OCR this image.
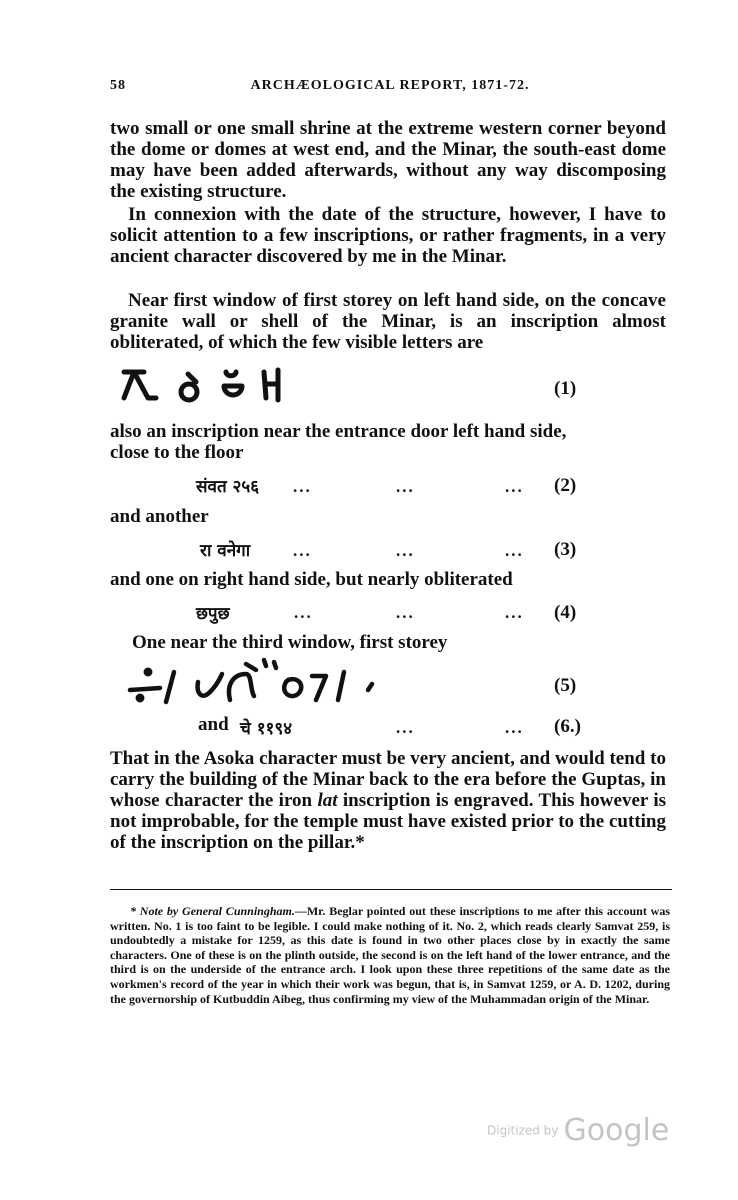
58	ARCHÆOLOGICAL REPORT, 1871-72.

two small or one small shrine at the extreme western corner beyond the dome or domes at west end, and the Minar, the south-east dome may have been added afterwards, without any way discomposing the existing structure.

In connexion with the date of the structure, however, I have to solicit attention to a few inscriptions, or rather fragments, in a very ancient character discovered by me in the Minar.

Near first window of first storey on left hand side, on the concave granite wall or shell of the Minar, is an inscription almost obliterated, of which the few visible letters are

(1)
also an inscription near the entrance door left hand side,
close to the floor
संवत २५६ ...	...	... (2)
and another
रा वनेगा	...	...	... (3)
and one on right hand side, but nearly obliterated
छपुछ	...	...	... (4)
One near the third window, first storey
(5)
and चे ११९४	...	... (6.)

That in the Asoka character must be very ancient, and would tend to carry the building of the Minar back to the era before the Guptas, in whose character the iron lat inscription is engraved. This however is not improbable, for the temple must have existed prior to the cutting of the inscription on the pillar.*

* Note by General Cunningham.—Mr. Beglar pointed out these inscriptions to me after this account was written. No. 1 is too faint to be legible. I could make nothing of it. No. 2, which reads clearly Samvat 259, is undoubtedly a mistake for 1259, as this date is found in two other places close by in exactly the same characters. One of these is on the plinth outside, the second is on the left hand of the lower entrance, and the third is on the underside of the entrance arch. I look upon these three repetitions of the same date as the workmen's record of the year in which their work was begun, that is, in Samvat 1259, or A. D. 1202, during the governorship of Kutbuddin Aibeg, thus confirming my view of the Muhammadan origin of the Minar.

Digitized by Google
